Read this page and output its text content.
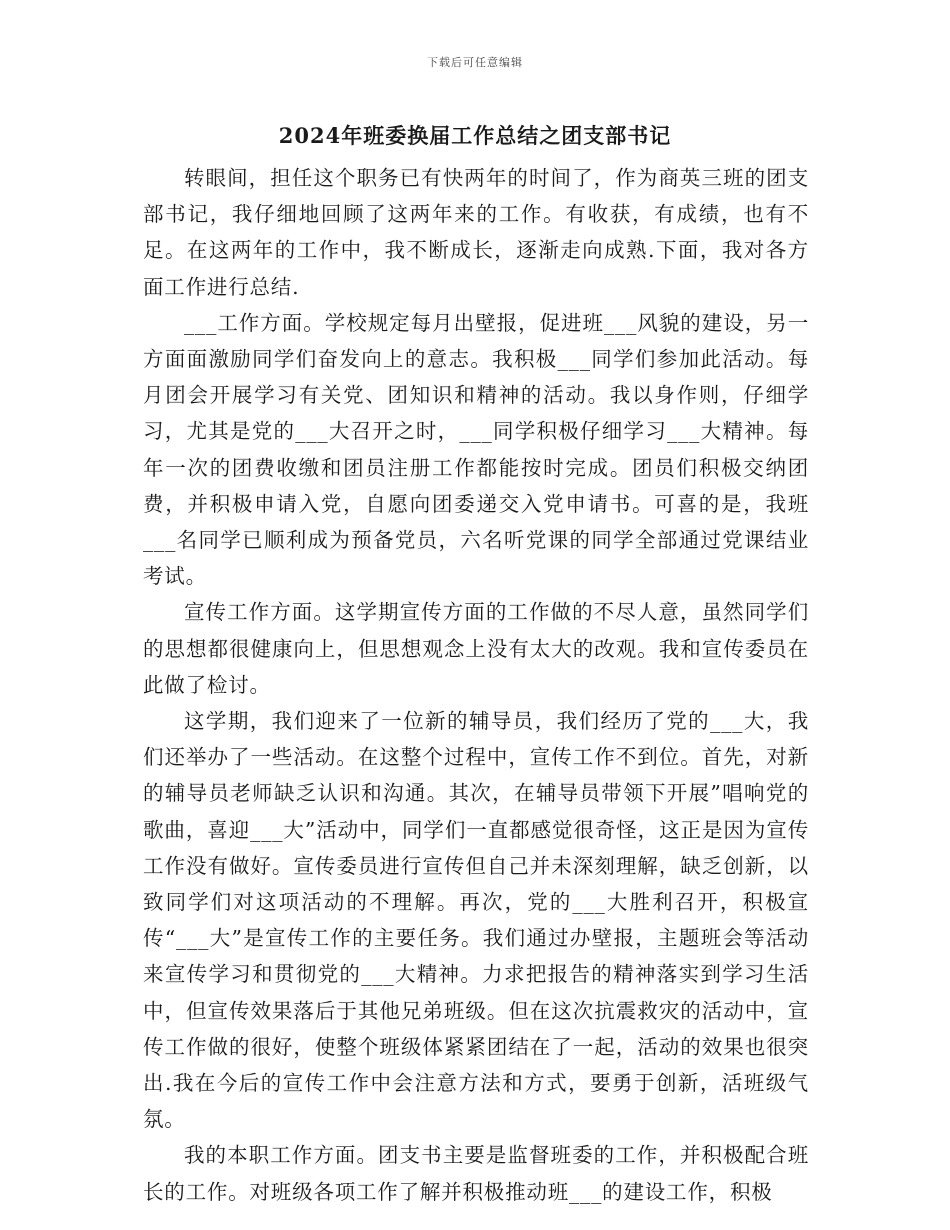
下载后可任意编辑
2024年班委换届工作总结之团支部书记

转眼间，担任这个职务已有快两年的时间了，作为商英三班的团支部书记，我仔细地回顾了这两年来的工作。有收获，有成绩，也有不足。在这两年的工作中，我不断成长，逐渐走向成熟.下面，我对各方面工作进行总结.

___工作方面。学校规定每月出壁报，促进班___风貌的建设，另一方面面激励同学们奋发向上的意志。我积极___同学们参加此活动。每月团会开展学习有关党、团知识和精神的活动。我以身作则，仔细学习，尤其是党的___大召开之时，___同学积极仔细学习___大精神。每年一次的团费收缴和团员注册工作都能按时完成。团员们积极交纳团费，并积极申请入党，自愿向团委递交入党申请书。可喜的是，我班___名同学已顺利成为预备党员，六名听党课的同学全部通过党课结业考试。

宣传工作方面。这学期宣传方面的工作做的不尽人意，虽然同学们的思想都很健康向上，但思想观念上没有太大的改观。我和宣传委员在此做了检讨。

这学期，我们迎来了一位新的辅导员，我们经历了党的___大，我们还举办了一些活动。在这整个过程中，宣传工作不到位。首先，对新的辅导员老师缺乏认识和沟通。其次，在辅导员带领下开展”唱响党的歌曲，喜迎___大”活动中，同学们一直都感觉很奇怪，这正是因为宣传工作没有做好。宣传委员进行宣传但自己并未深刻理解，缺乏创新，以致同学们对这项活动的不理解。再次，党的___大胜利召开，积极宣传“___大”是宣传工作的主要任务。我们通过办壁报，主题班会等活动来宣传学习和贯彻党的___大精神。力求把报告的精神落实到学习生活中，但宣传效果落后于其他兄弟班级。但在这次抗震救灾的活动中，宣传工作做的很好，使整个班级体紧紧团结在了一起，活动的效果也很突出.我在今后的宣传工作中会注意方法和方式，要勇于创新，活班级气氛。

我的本职工作方面。团支书主要是监督班委的工作，并积极配合班长的工作。对班级各项工作了解并积极推动班___的建设工作，积极
